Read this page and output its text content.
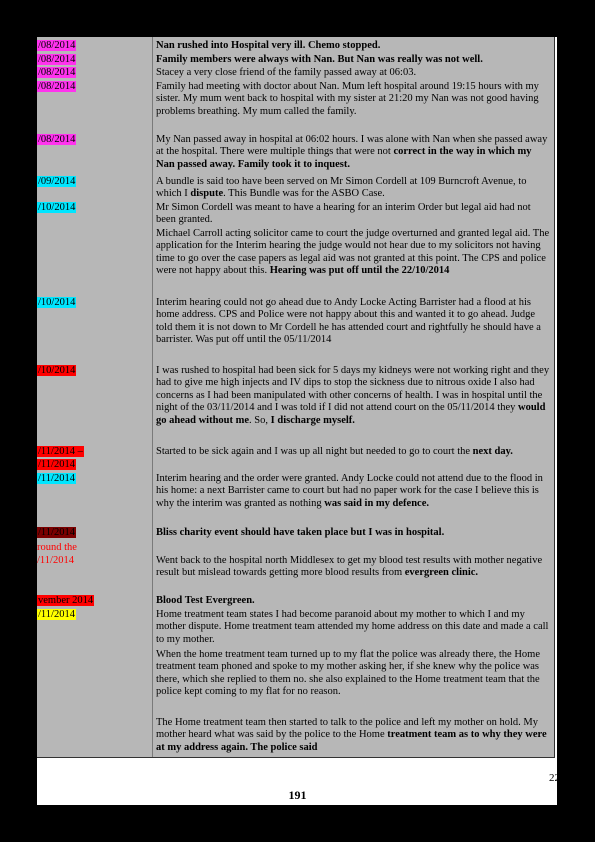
/08/2014
/08/2014
/08/2014
/08/2014
/08/2014
/09/2014
/10/2014
/10/2014
/10/2014
/11/2014 –
/11/2014
/11/2014
/11/2014
round the
/11/2014
vember 2014
/11/2014
Nan rushed into Hospital very ill. Chemo stopped.
Family members were always with Nan. But Nan was really was not well.
Stacey a very close friend of the family passed away at 06:03.
Family had meeting with doctor about Nan. Mum left hospital around 19:15 hours with my sister. My mum went back to hospital with my sister at 21:20 my Nan was not good having problems breathing. My mum called the family.
My Nan passed away in hospital at 06:02 hours. I was alone with Nan when she passed away at the hospital. There were multiple things that were not correct in the way in which my Nan passed away. Family took it to inquest.
A bundle is said too have been served on Mr Simon Cordell at 109 Burncroft Avenue, to which I dispute. This Bundle was for the ASBO Case.
Mr Simon Cordell was meant to have a hearing for an interim Order but legal aid had not been granted.
Michael Carroll acting solicitor came to court the judge overturned and granted legal aid. The application for the Interim hearing the judge would not hear due to my solicitors not having time to go over the case papers as legal aid was not granted at this point. The CPS and police were not happy about this. Hearing was put off until the 22/10/2014
Interim hearing could not go ahead due to Andy Locke Acting Barrister had a flood at his home address. CPS and Police were not happy about this and wanted it to go ahead. Judge told them it is not down to Mr Cordell he has attended court and rightfully he should have a barrister. Was put off until the 05/11/2014
I was rushed to hospital had been sick for 5 days my kidneys were not working right and they had to give me high injects and IV dips to stop the sickness due to nitrous oxide I also had concerns as I had been manipulated with other concerns of health. I was in hospital until the night of the 03/11/2014 and I was told if I did not attend court on the 05/11/2014 they would go ahead without me. So, I discharge myself.
Started to be sick again and I was up all night but needed to go to court the next day.
Interim hearing and the order were granted. Andy Locke could not attend due to the flood in his home: a next Barrister came to court but had no paper work for the case I believe this is why the interim was granted as nothing was said in my defence.
Bliss charity event should have taken place but I was in hospital.
Went back to the hospital north Middlesex to get my blood test results with mother negative result but mislead towards getting more blood results from evergreen clinic.
Blood Test Evergreen.
Home treatment team states I had become paranoid about my mother to which I and my mother dispute. Home treatment team attended my home address on this date and made a call to my mother.
When the home treatment team turned up to my flat the police was already there, the Home treatment team phoned and spoke to my mother asking her, if she knew why the police was there, which she replied to them no. she also explained to the Home treatment team that the police kept coming to my flat for no reason.
The Home treatment team then started to talk to the police and left my mother on hold. My mother heard what was said by the police to the Home treatment team as to why they were at my address again. The police said
22
191
